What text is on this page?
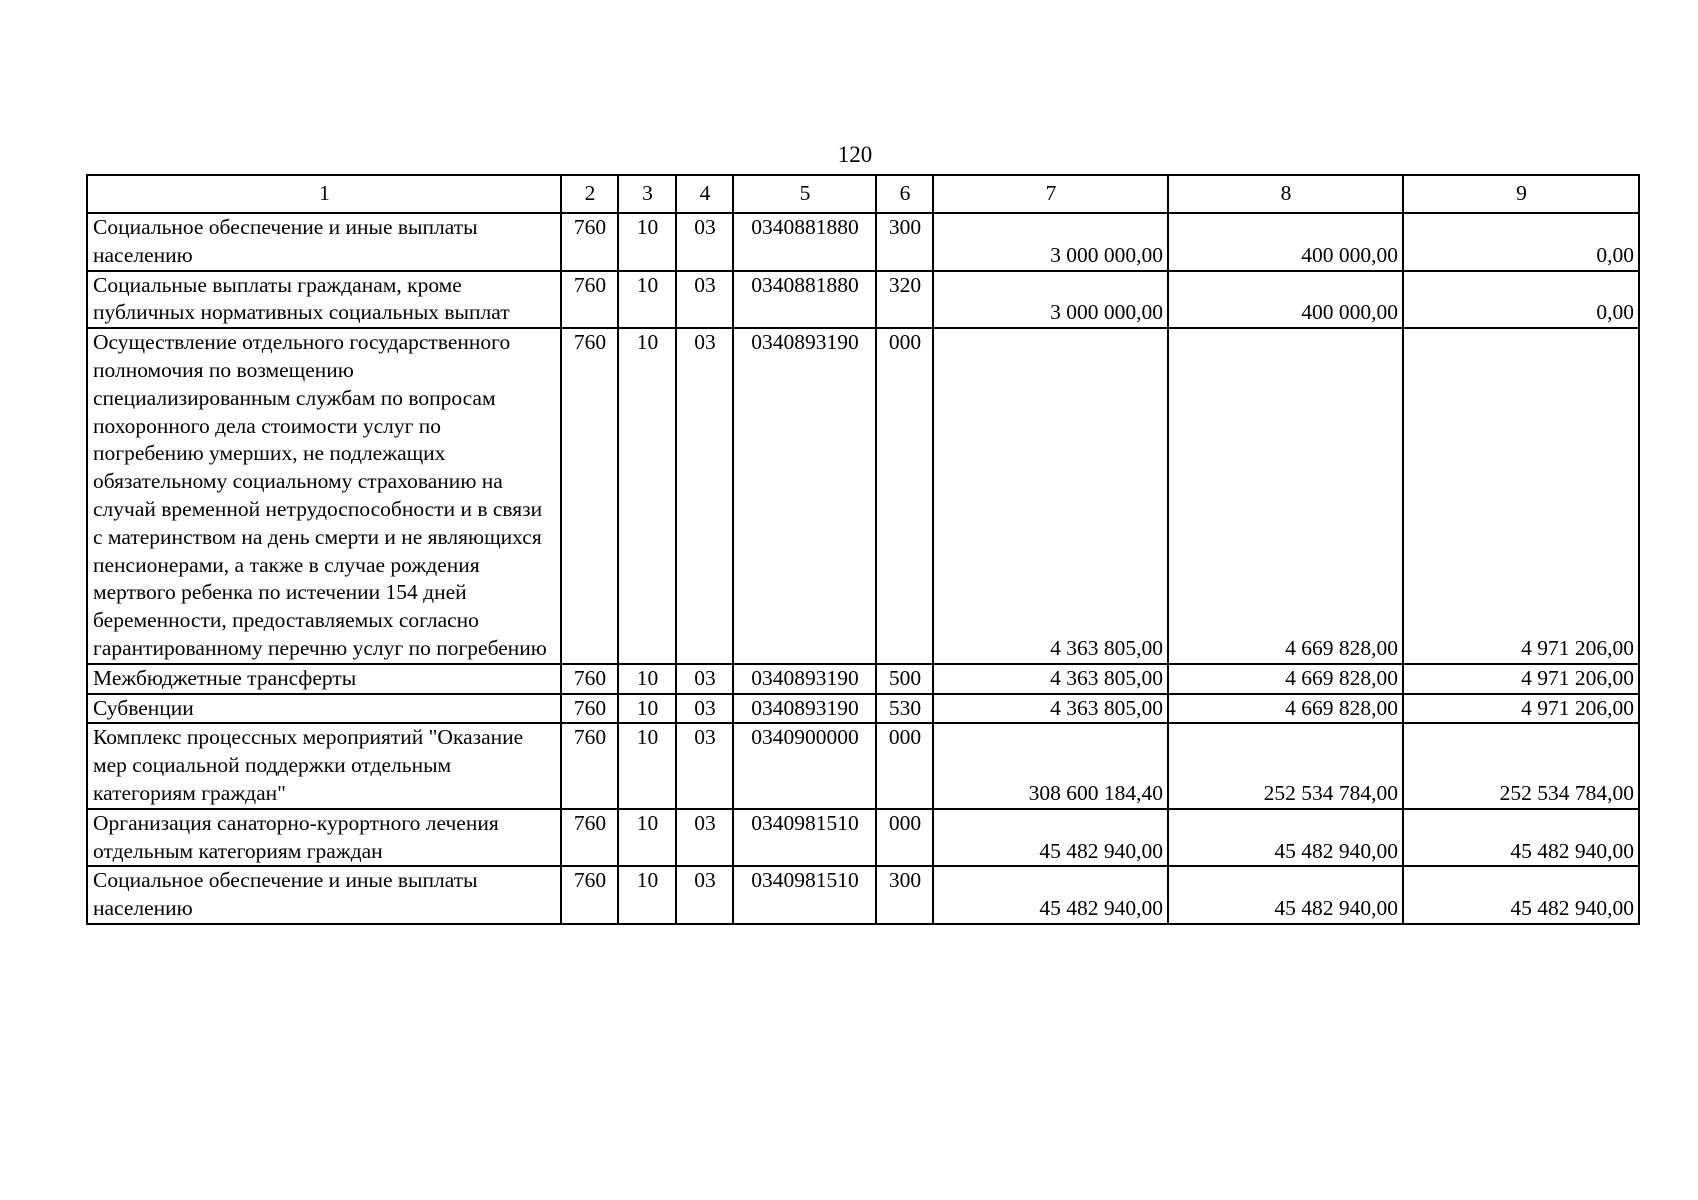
120
1	2	3	4	5	6	7	8	9
Социальное обеспечение и иные выплаты населению	760	10	03	0340881880	300	3 000 000,00	400 000,00	0,00
Социальные выплаты гражданам, кроме публичных нормативных социальных выплат	760	10	03	0340881880	320	3 000 000,00	400 000,00	0,00
Осуществление отдельного государственного полномочия по возмещению специализированным службам по вопросам похоронного дела стоимости услуг по погребению умерших, не подлежащих обязательному социальному страхованию на случай временной нетрудоспособности и в связи с материнством на день смерти и не являющихся пенсионерами, а также в случае рождения мертвого ребенка по истечении 154 дней беременности, предоставляемых согласно гарантированному перечню услуг по погребению	760	10	03	0340893190	000	4 363 805,00	4 669 828,00	4 971 206,00
Межбюджетные трансферты	760	10	03	0340893190	500	4 363 805,00	4 669 828,00	4 971 206,00
Субвенции	760	10	03	0340893190	530	4 363 805,00	4 669 828,00	4 971 206,00
Комплекс процессных мероприятий "Оказание мер социальной поддержки отдельным категориям граждан"	760	10	03	0340900000	000	308 600 184,40	252 534 784,00	252 534 784,00
Организация санаторно-курортного лечения отдельным категориям граждан	760	10	03	0340981510	000	45 482 940,00	45 482 940,00	45 482 940,00
Социальное обеспечение и иные выплаты населению	760	10	03	0340981510	300	45 482 940,00	45 482 940,00	45 482 940,00
